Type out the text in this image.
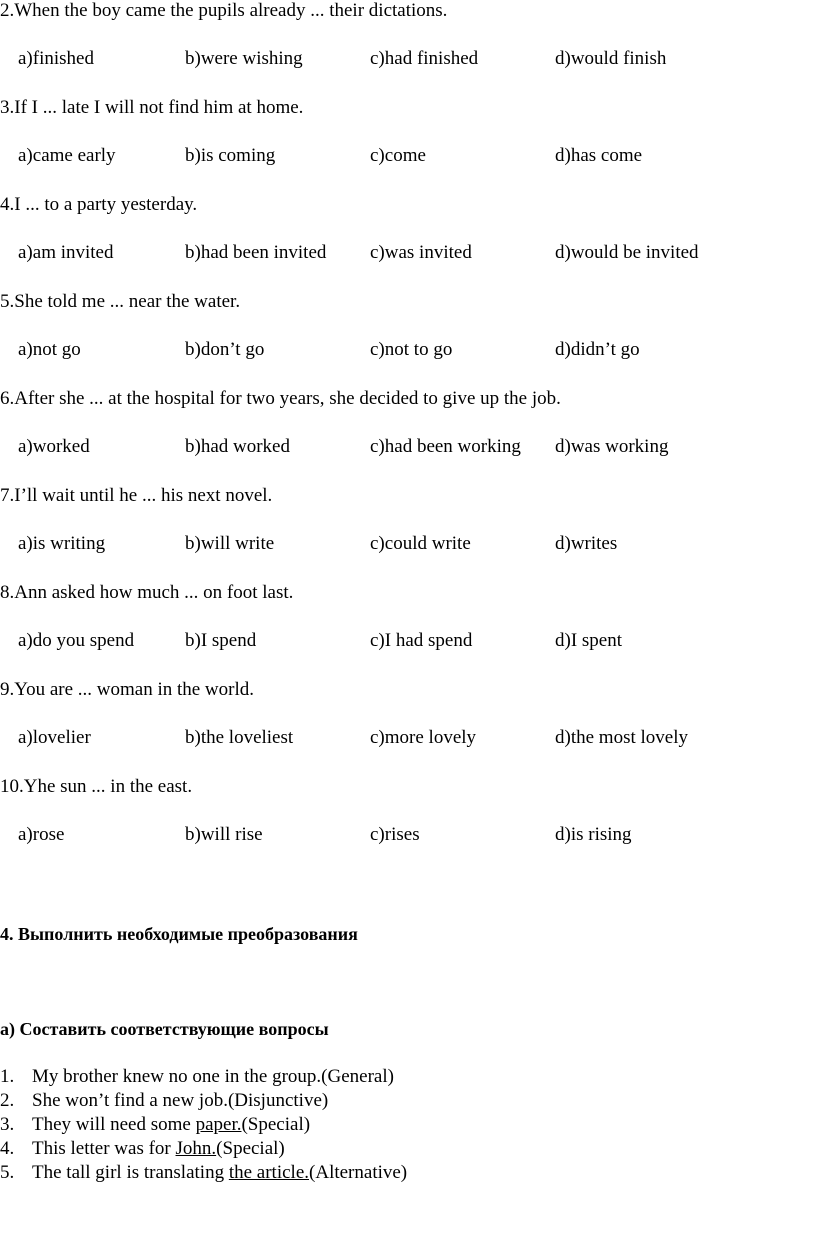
2.When the boy came the pupils already ... their dictations.
a)finished	b)were wishing	c)had finished	d)would finish
3.If I ... late I will not find him at home.
a)came early	b)is coming	c)come	d)has come
4.I ... to a party yesterday.
a)am invited	b)had been invited c)was invited	d)would be invited
5.She told me ... near the water.
a)not go	b)don’t go	c)not to go	d)didn’t go
6.After she ... at the hospital for two years, she decided to give up the job.
a)worked	b)had worked	c)had been working d)was working
7.I’ll wait until he ... his next novel.
a)is writing	b)will write	c)could write	d)writes
8.Ann asked how much ... on foot last.
a)do you spend	b)I spend	c)I had spend	d)I spent
9.You are ... woman in the world.
a)lovelier	b)the loveliest	c)more lovely	d)the most lovely
10.Yhe sun ... in the east.
a)rose	b)will rise	c)rises	d)is rising
4. Выполнить необходимые преобразования
а) Составить соответствующие вопросы
1. My brother knew no one in the group.(General)
2. She won’t find a new job.(Disjunctive)
3. They will need some paper.(Special)
4. This letter was for John.(Special)
5. The tall girl is translating the article.(Alternative)
